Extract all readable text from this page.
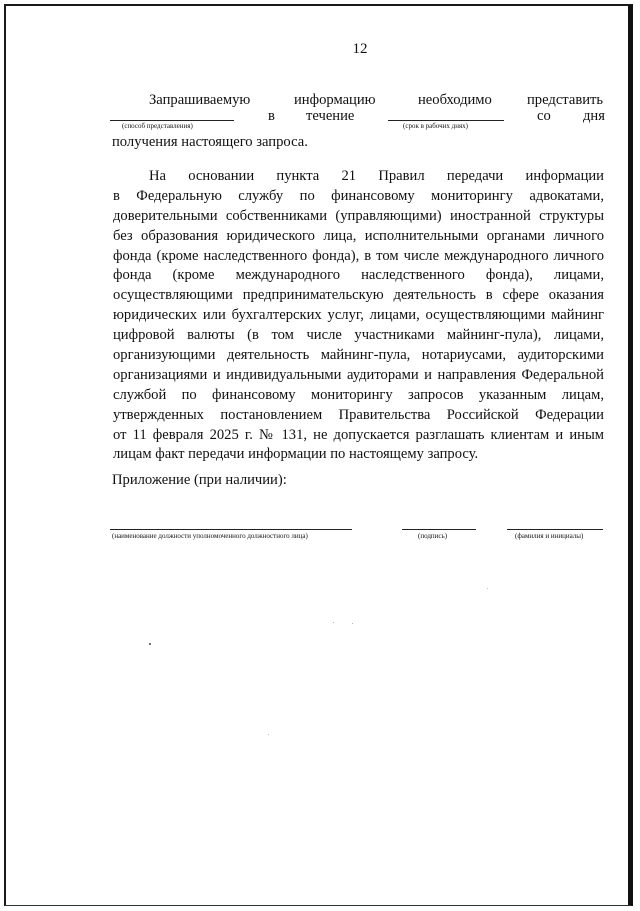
12
Запрашиваемую	информацию	необходимо представить
в течение	со дня
(способ представления)	(срок в рабочих днях)
получения настоящего запроса.
На основании пункта 21 Правил передачи информации
в Федеральную службу по финансовому мониторингу адвокатами,
доверительными собственниками (управляющими) иностранной структуры
без образования юридического лица, исполнительными органами личного
фонда (кроме наследственного фонда), в том числе международного личного
фонда (кроме международного наследственного фонда), лицами,
осуществляющими предпринимательскую деятельность в сфере оказания
юридических или бухгалтерских услуг, лицами, осуществляющими майнинг
цифровой валюты (в том числе участниками майнинг-пула), лицами,
организующими деятельность майнинг-пула, нотариусами, аудиторскими
организациями и индивидуальными аудиторами и направления Федеральной
службой по финансовому мониторингу запросов указанным лицам,
утвержденных постановлением Правительства Российской Федерации
от 11 февраля 2025 г. № 131, не допускается разглашать клиентам и иным
лицам факт передачи информации по настоящему запросу.
Приложение (при наличии):
(наименование должности уполномоченного должностного лица)	(подпись)	(фамилия и инициалы)
